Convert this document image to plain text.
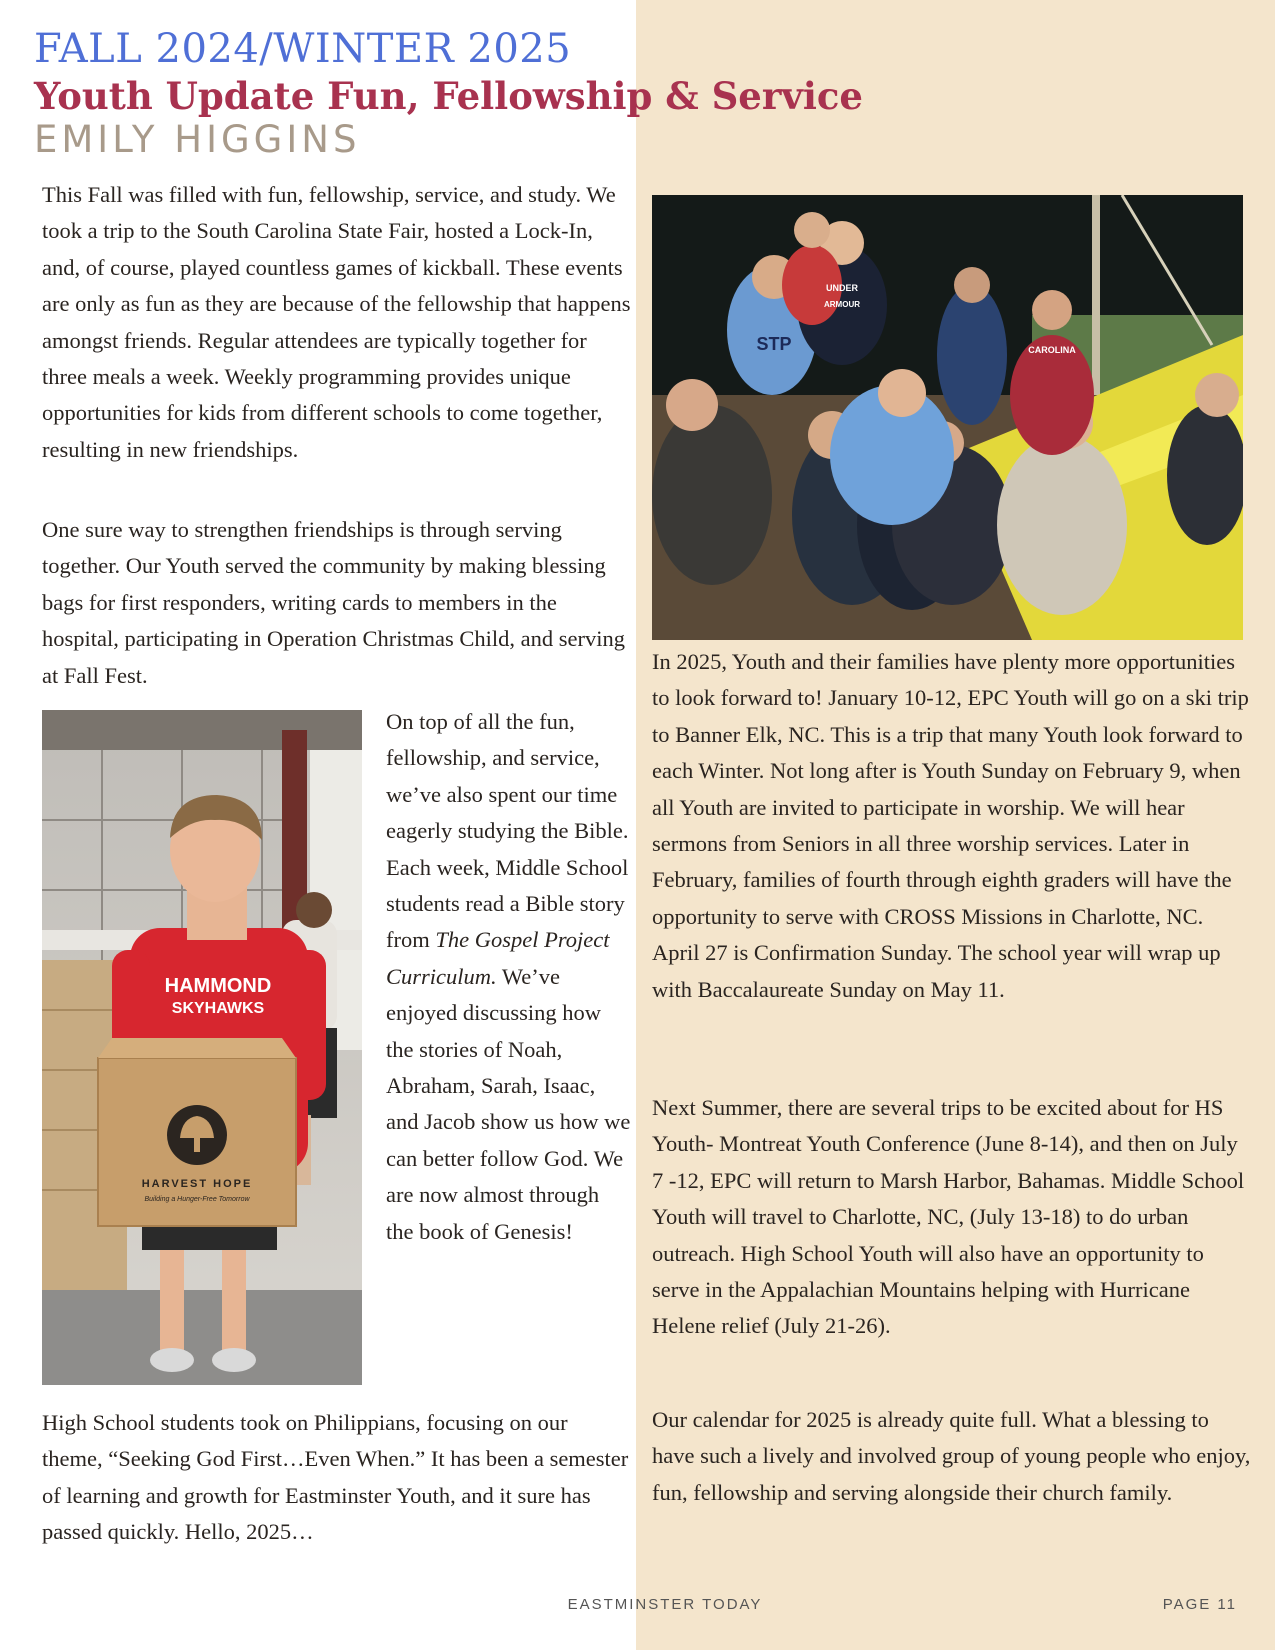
FALL 2024/WINTER 2025
Youth Update Fun, Fellowship & Service
EMILY HIGGINS

This Fall was filled with fun, fellowship, service, and study. We took a trip to the South Carolina State Fair, hosted a Lock-In, and, of course, played countless games of kickball. These events are only as fun as they are because of the fellowship that happens amongst friends. Regular attendees are typically together for three meals a week. Weekly programming provides unique opportunities for kids from different schools to come together, resulting in new friendships.

One sure way to strengthen friendships is through serving together. Our Youth served the community by making blessing bags for first responders, writing cards to members in the hospital, participating in Operation Christmas Child, and serving at Fall Fest.

HAMMOND
SKYHAWKS
HARVEST HOPE
Building a Hunger-Free Tomorrow

On top of all the fun, fellowship, and service, we’ve also spent our time eagerly studying the Bible. Each week, Middle School students read a Bible story from The Gospel Project Curriculum. We’ve enjoyed discussing how the stories of Noah, Abraham, Sarah, Isaac, and Jacob show us how we can better follow God. We are now almost through the book of Genesis!

High School students took on Philippians, focusing on our theme, “Seeking God First…Even When.” It has been a semester of learning and growth for Eastminster Youth, and it sure has passed quickly. Hello, 2025…

UNDER
ARMOUR
STP	CAROLINA

In 2025, Youth and their families have plenty more opportunities to look forward to! January 10-12, EPC Youth will go on a ski trip to Banner Elk, NC. This is a trip that many Youth look forward to each Winter. Not long after is Youth Sunday on February 9, when all Youth are invited to participate in worship. We will hear sermons from Seniors in all three worship services. Later in February, families of fourth through eighth graders will have the opportunity to serve with CROSS Missions in Charlotte, NC. April 27 is Confirmation Sunday. The school year will wrap up with Baccalaureate Sunday on May 11.

Next Summer, there are several trips to be excited about for HS Youth- Montreat Youth Conference (June 8-14), and then on July 7 -12, EPC will return to Marsh Harbor, Bahamas. Middle School Youth will travel to Charlotte, NC, (July 13-18) to do urban outreach. High School Youth will also have an opportunity to serve in the Appalachian Mountains helping with Hurricane Helene relief (July 21-26).

Our calendar for 2025 is already quite full. What a blessing to have such a lively and involved group of young people who enjoy, fun, fellowship and serving alongside their church family.

EASTMINSTER TODAY	PAGE 11
